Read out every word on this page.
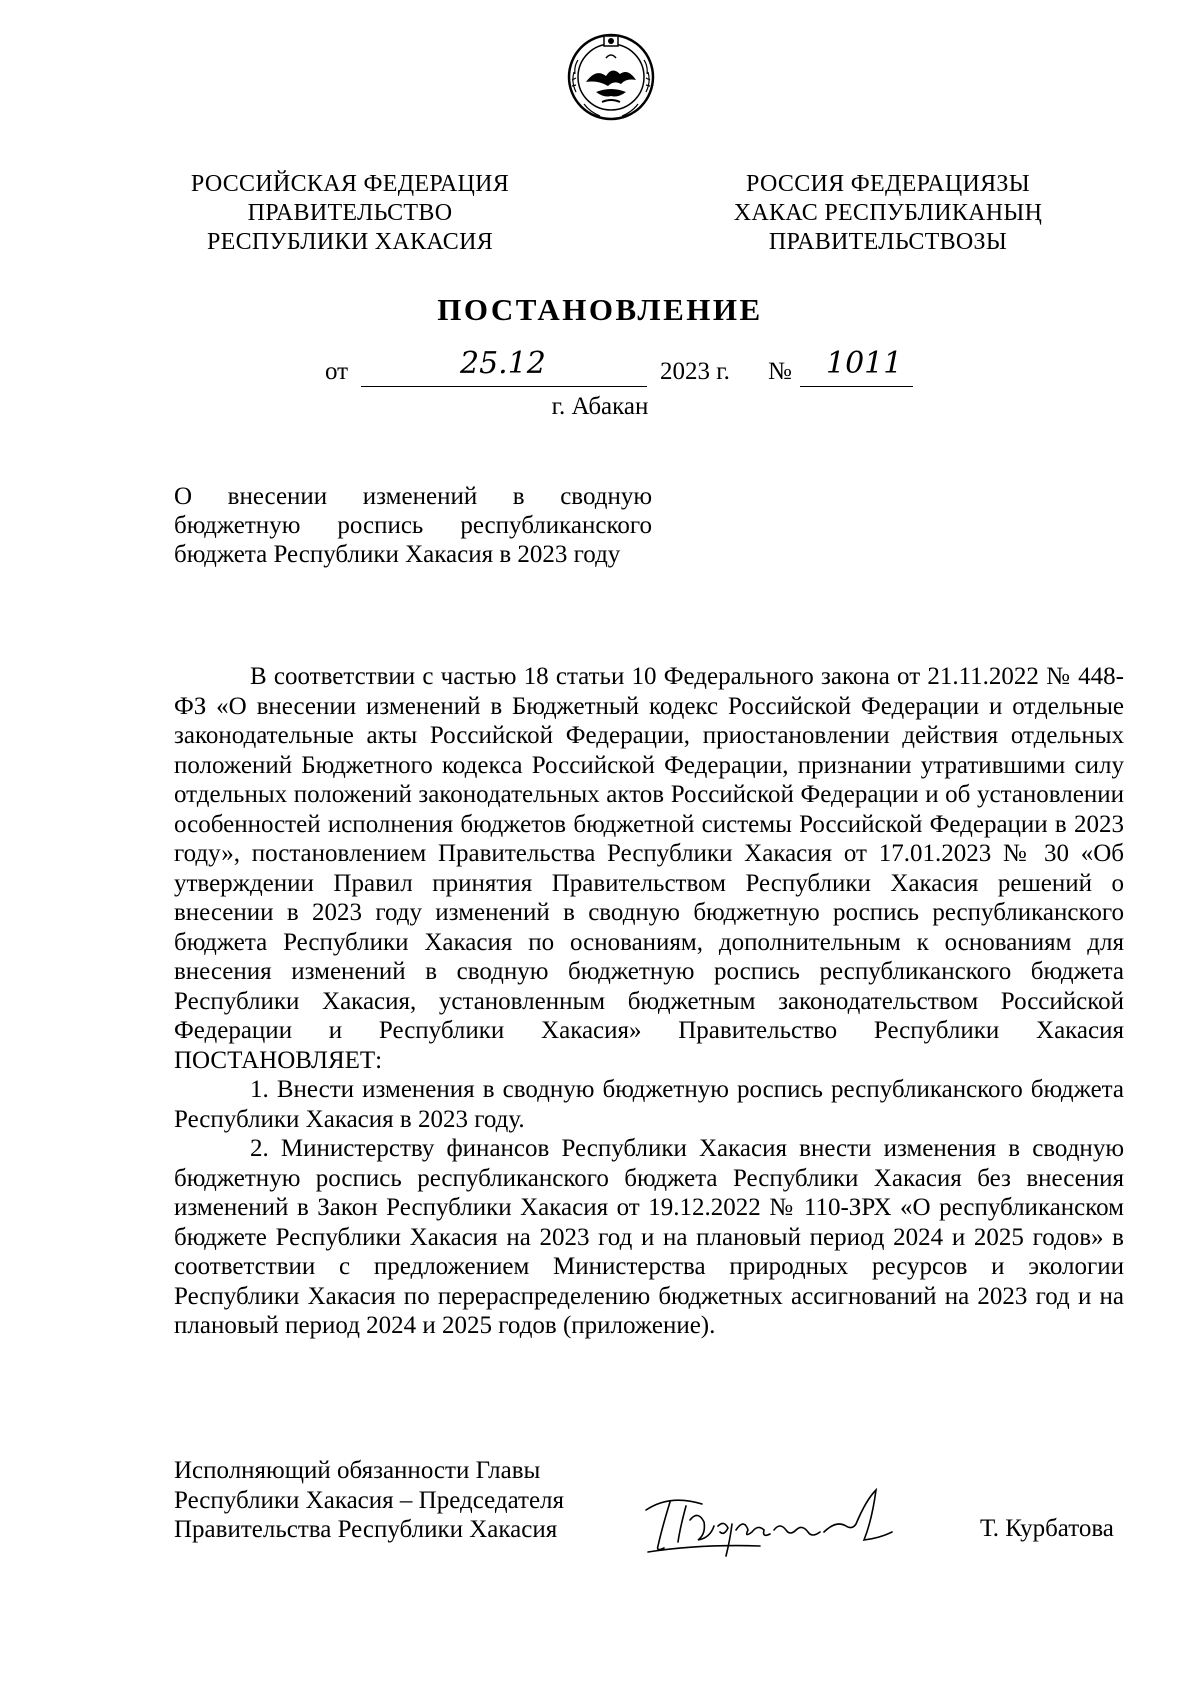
РОССИЙСКАЯ ФЕДЕРАЦИЯ
ПРАВИТЕЛЬСТВО
РЕСПУБЛИКИ ХАКАСИЯ
РОССИЯ ФЕДЕРАЦИЯЗЫ
ХАКАС РЕСПУБЛИКАНЫҢ
ПРАВИТЕЛЬСТВОЗЫ
ПОСТАНОВЛЕНИЕ
от	25.12	2023 г. № 1011
г. Абакан
О внесении изменений в сводную бюджетную роспись республиканского бюджета Республики Хакасия в 2023 году

В соответствии с частью 18 статьи 10 Федерального закона от 21.11.2022 № 448-ФЗ «О внесении изменений в Бюджетный кодекс Российской Федерации и отдельные законодательные акты Российской Федерации, приостановлении действия отдельных положений Бюджетного кодекса Российской Федерации, признании утратившими силу отдельных положений законодательных актов Российской Федерации и об установлении особенностей исполнения бюджетов бюджетной системы Российской Федерации в 2023 году», постановлением Правительства Республики Хакасия от 17.01.2023 № 30 «Об утверждении Правил принятия Правительством Республики Хакасия решений о внесении в 2023 году изменений в сводную бюджетную роспись республиканского бюджета Республики Хакасия по основаниям, дополнительным к основаниям для внесения изменений в сводную бюджетную роспись республиканского бюджета Республики Хакасия, установленным бюджетным законодательством Российской Федерации и Республики Хакасия» Правительство Республики Хакасия ПОСТАНОВЛЯЕТ:

1. Внести изменения в сводную бюджетную роспись республиканского бюджета Республики Хакасия в 2023 году.

2. Министерству финансов Республики Хакасия внести изменения в сводную бюджетную роспись республиканского бюджета Республики Хакасия без внесения изменений в Закон Республики Хакасия от 19.12.2022 № 110-ЗРХ «О республиканском бюджете Республики Хакасия на 2023 год и на плановый период 2024 и 2025 годов» в соответствии с предложением Министерства природных ресурсов и экологии Республики Хакасия по перераспределению бюджетных ассигнований на 2023 год и на плановый период 2024 и 2025 годов (приложение).

Исполняющий обязанности Главы
Республики Хакасия – Председателя
Правительства Республики Хакасия	Т. Курбатова
